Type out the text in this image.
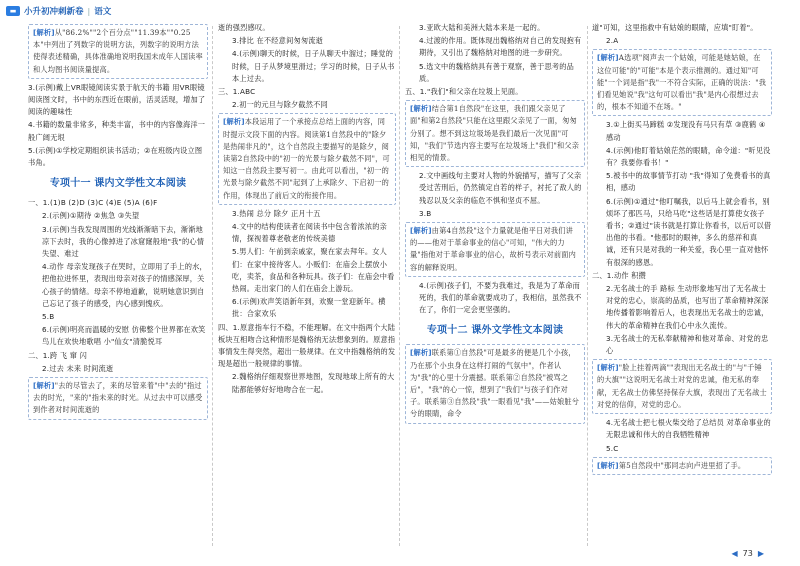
▬ 小升初冲刺新卷 | 语文
[解析]从"86.2%""2个百分点""11.39本""0.25本"中列出了列数字的说明方法，列数字的说明方法使得表述精确，具体准确地说明我国未成年人国读率和人均图书阅读量提高。
3.(示例)戴上VR眼镜阅读实景于航天的书籍 用VR眼镜阅读图文时，书中的东西近在眼前，活灵活现，增加了阅读的趣味性
4.书籍的数量非常多，种类丰富，书中的内容像海洋一般广阔无垠
5.(示例)①学校定期组织读书活动；②在班级内设立图书角。
专项十一 课内文学性文本阅读
一、1.(1)B (2)D (3)C (4)E (5)A (6)F
2.(示例)①期待 ②焦急 ③失望
3.(示例)当我发现周围的光线渐渐暗下去，渐渐地凉下去时，我的心像掉进了冰窟窿般地"我"的心情 失望、难过
4.动作 母亲发现孩子在哭时，立即用了手上的水，把他拉进怀里，表现出母亲对孩子的情感深厚，关心孩子的情绪。母亲不停地道歉，说明她意识到自己忘记了孩子的感受，内心感到愧疚。
5.B
6.(示例)明亮而温暖的安慰 仿佛整个世界都在欢笑 鸟儿在欢快地歌唱 小"仙女"清脆悦耳
二、1.跨 飞 窜 闪
2.过去 未来 时间流逝
[解析]"去的尽管去了，来的尽管来着"中"去的"指过去的时光，"来的"指未来的时光。从过去中可以感受到作者对时间流逝的
逝的强烈感叹。
3.排比 在不经意间匆匆流逝
4.(示例)聊天的时候，日子从聊天中溜过；睡觉的时候，日子从梦境里滑过；学习的时候，日子从书本上过去。
三、1.ABC
2.初一的元旦与除夕截然不同
[解析]本段运用了一个承接点总结上面的内容，同时提示文段下面的内容。阅读第1自然段中的"除夕是热闹非凡的"，这个自然段主要描写的是除夕，阅读第2自然段中的"初一的光景与除夕截然不同"，可知这一自然段主要写初一。由此可以看出，"初一的光景与除夕截然不同"起到了上承除夕、下启初一的作用，体现出了前后文的衔接作用。
3.热闹 总分 除夕 正月十五
4.文中的结构使读者在阅读书中包含着浓浓的亲情，探视着尊老敬老的传统美德
5.男人们：午前到亲戚家，聚在家去拜年。女人们：在家中接待客人。小贩们：在庙会上摆放小吃，卖茶，食品和各种玩具。孩子们：在庙会中看热闹。走出家门的人们在庙会上游玩。
6.(示例)欢声笑语新年到，欢聚一堂迎新年。横批：合家欢乐
四、1.原意指车行不稳，不能理解。在文中指两个大陆板块互相吻合这种情形是魏格纳无法想象到的。原意指事情发生得突然，超出一般规律。在文中指魏格纳的发现是超出一般规律的事情。
2.魏格纳仔细观察世界地图，发现地球上所有的大陆都能够好好地吻合在一起。
3.亚欧大陆和美洲大陆本来是一起的。
4.过渡的作用。既体现出魏格纳对自己的发现抱有期待，又引出了魏格纳对地图的进一步研究。
5.选文中的魏格纳具有善于观察，善于思考的品质。
五、1."我们"和父亲在垃圾上见面。
[解析]结合第1自然段"在这里，我们跟父亲见了面"和第2自然段"只能在这里跟父亲见了一面，匆匆分别了。想不到这垃圾场是我们最后一次见面"可知，"我们"节选内容主要写在垃圾场上"我们"和父亲相见的情景。
2.文中画线句主要对人物的外貌描写，描写了父亲受过苦刑后，仍然镇定自若的样子，衬托了敌人的残忍以及父亲的临危不惧和坚贞不屈。
3.B
[解析]由第4自然段"这个力量就是他平日对我们讲的——他对于革命事业的信心"可知，"伟大的力量"指他对于革命事业的信心，故析号表示对前面内容的解释说明。
4.(示例)孩子们，不要为我难过，我是为了革命而死的，我们的革命就要成功了，我相信，虽然我不在了，你们一定会更坚强的。
专项十二 课外文学性文本阅读
[解析]联系第①自然段"可是最多的便是几个小孩，乃在那个小虫身在这样打闹的气氛中"，作者认为"我"的心里十分震撼。联系第②自然段"被骂之后"，"我"的心一惊，想到了"我们"与孩子们作对子。联系第③自然段"我"一眼看见"我"——姑娘脏兮兮的眼睛，命令
道"可知，这里指救中有姑娘的眼睛，应填"盯着"。
2.A
[解析]A选项"阅声去一个姑娘，可能是她姑娘，在这位可能"的"可能"本是个表示推测的。通过知"可能"一个词是指"我"一不符合实际，正确的说法："我们看见她说"我"这句可以看出"我"是内心很想过去的，根本不知道不在场。"
3.①上街买马蹄糕 ②发现没有马只有草 ③鹿鹤 ④感动
4.(示例)他盯着姑娘茫然的眼睛，命令道："听见没有？我要你看书！"
5.被书中的故事情节打动 "我"得知了免费看书的真相，感动
6.(示例)①通过"他叮嘱我，以后马上就会看书，别烦坏了那匹马，只给马吃"这些话是打算使女孩子看书；②通过"读书就是打算让你看书，以后可以借出他的书看。"他那时的眼神，多么的慈祥和真诚，还有只是对我的一种关爱，我心里一直对他怀有很深的感恩。
二、1.动作 积攒
2.无名战士的手 路标 生动形象地写出了无名战士对党的忠心，崇高的品质，也写出了革命精神深深地传播着影响着后人，也表现出无名战士的忠诚，伟大的革命精神在我们心中永久流传。
3.无名战士的无私奉献精神和他对革命、对党的忠心
[解析]"脸上挂着两滴""表现出无名战士的"与"千锤的大旗""这说明无名战士对党的忠诚，他无私的奉献，无名战士仿佛坚持保存大旗，表现出了无名战士对党的信仰，对党的忠心。
4.无名战士把七根火柴交给了总结员 对革命事业的无限忠诚和伟大的自我牺牲精神
5.C
[解析]第5自然段中"那同志向卢进里招了手。
◀ 73 ▶
